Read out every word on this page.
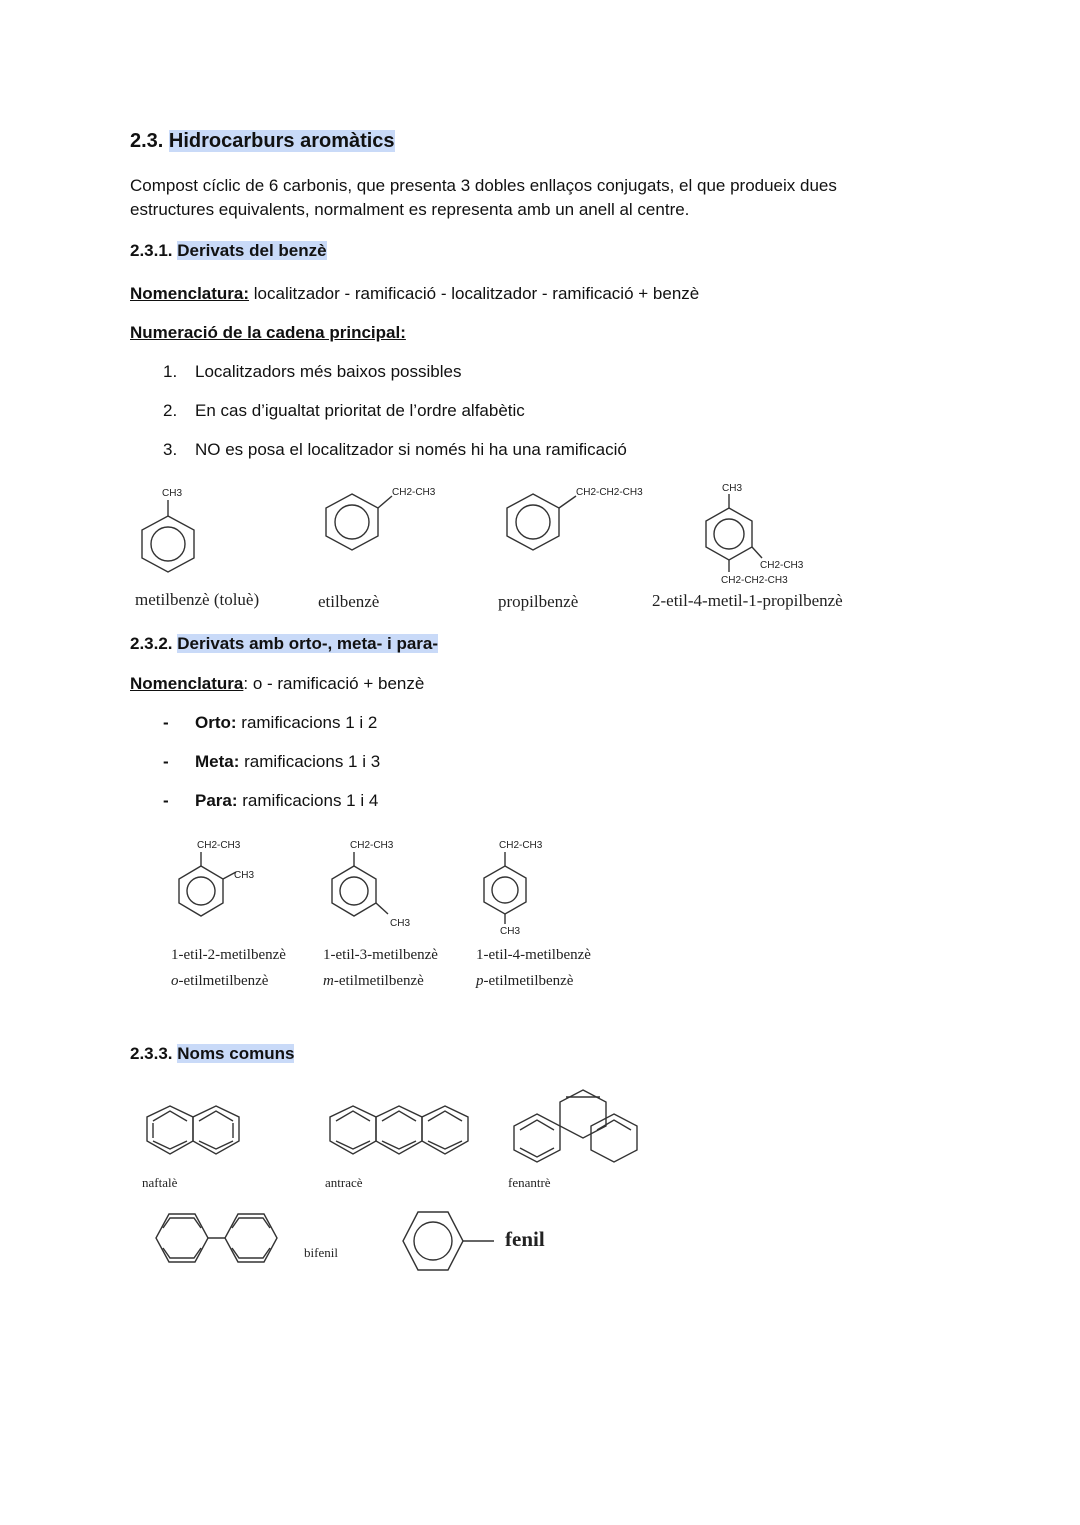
2.3. Hidrocarburs aromàtics
Compost cíclic de 6 carbonis, que presenta 3 dobles enllaços conjugats, el que produeix dues
estructures equivalents, normalment es representa amb un anell al centre.
2.3.1. Derivats del benzè
Nomenclatura: localitzador - ramificació - localitzador - ramificació + benzè
Numeració de la cadena principal:
1. Localitzadors més baixos possibles
2. En cas d’igualtat prioritat de l’ordre alfabètic
3. NO es posa el localitzador si només hi ha una ramificació
CH3	CH2-CH3	CH2-CH2-CH3	CH3
CH2-CH3
CH2-CH2-CH3
CH2-CH3
CH3
CH2-CH3
CH3
CH2-CH3
CH3
metilbenzè (toluè)	etilbenzè	propilbenzè	2-etil-4-metil-1-propilbenzè
2.3.2. Derivats amb orto-, meta- i para-
Nomenclatura: o - ramificació + benzè
- Orto: ramificacions 1 i 2
- Meta: ramificacions 1 i 3
- Para: ramificacions 1 i 4
1-etil-2-metilbenzè
o-etilmetilbenzè
1-etil-3-metilbenzè
m-etilmetilbenzè
1-etil-4-metilbenzè
p-etilmetilbenzè
2.3.3. Noms comuns
naftalè	antracè	fenantrè
bifenil
fenil
